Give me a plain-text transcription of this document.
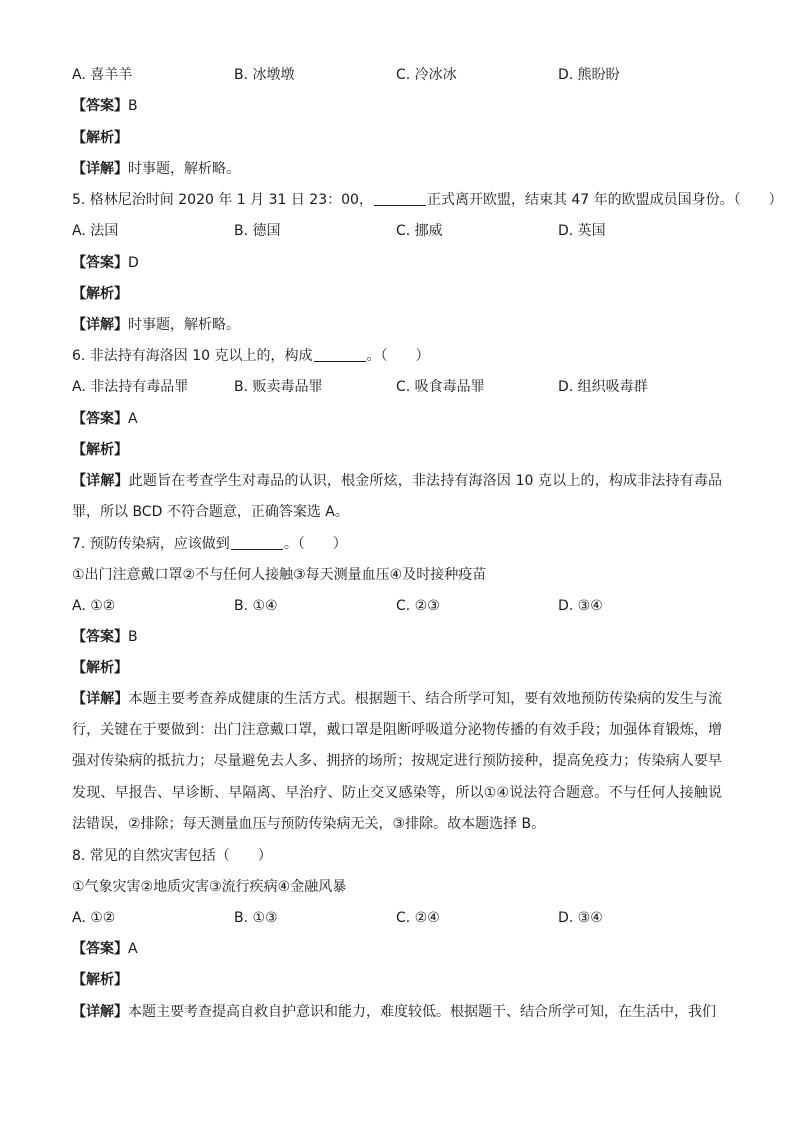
A. 喜羊羊	B. 冰墩墩	C. 冷冰冰	D. 熊盼盼
【答案】B
【解析】
【详解】时事题，解析略。
5. 格林尼治时间 2020 年 1 月 31 日 23：00，	正式离开欧盟，结束其 47 年的欧盟成员国身份。（ ）
A. 法国	B. 德国	C. 挪威	D. 英国
【答案】D
【解析】
【详解】时事题，解析略。
6. 非法持有海洛因 10 克以上的，构成	。（ ）
A. 非法持有毒品罪	B. 贩卖毒品罪	C. 吸食毒品罪	D. 组织吸毒群
【答案】A
【解析】
【详解】此题旨在考查学生对毒品的认识，根金所炫，非法持有海洛因 10 克以上的，构成非法持有毒品罪，所以 BCD 不符合题意，正确答案选 A。
7. 预防传染病，应该做到	。（ ）
①出门注意戴口罩②不与任何人接触③每天测量血压④及时接种疫苗
A. ①②	B. ①④	C. ②③	D. ③④
【答案】B
【解析】
【详解】本题主要考查养成健康的生活方式。根据题干、结合所学可知，要有效地预防传染病的发生与流行，关键在于要做到：出门注意戴口罩，戴口罩是阻断呼吸道分泌物传播的有效手段；加强体育锻炼，增强对传染病的抵抗力；尽量避免去人多、拥挤的场所；按规定进行预防接种，提高免疫力；传染病人要早发现、早报告、早诊断、早隔离、早治疗、防止交叉感染等，所以①④说法符合题意。不与任何人接触说法错误，②排除；每天测量血压与预防传染病无关，③排除。故本题选择 B。
8. 常见的自然灾害包括（ ）
①气象灾害②地质灾害③流行疾病④金融风暴
A. ①②	B. ①③	C. ②④	D. ③④
【答案】A
【解析】
【详解】本题主要考查提高自救自护意识和能力，难度较低。根据题干、结合所学可知，在生活中，我们
